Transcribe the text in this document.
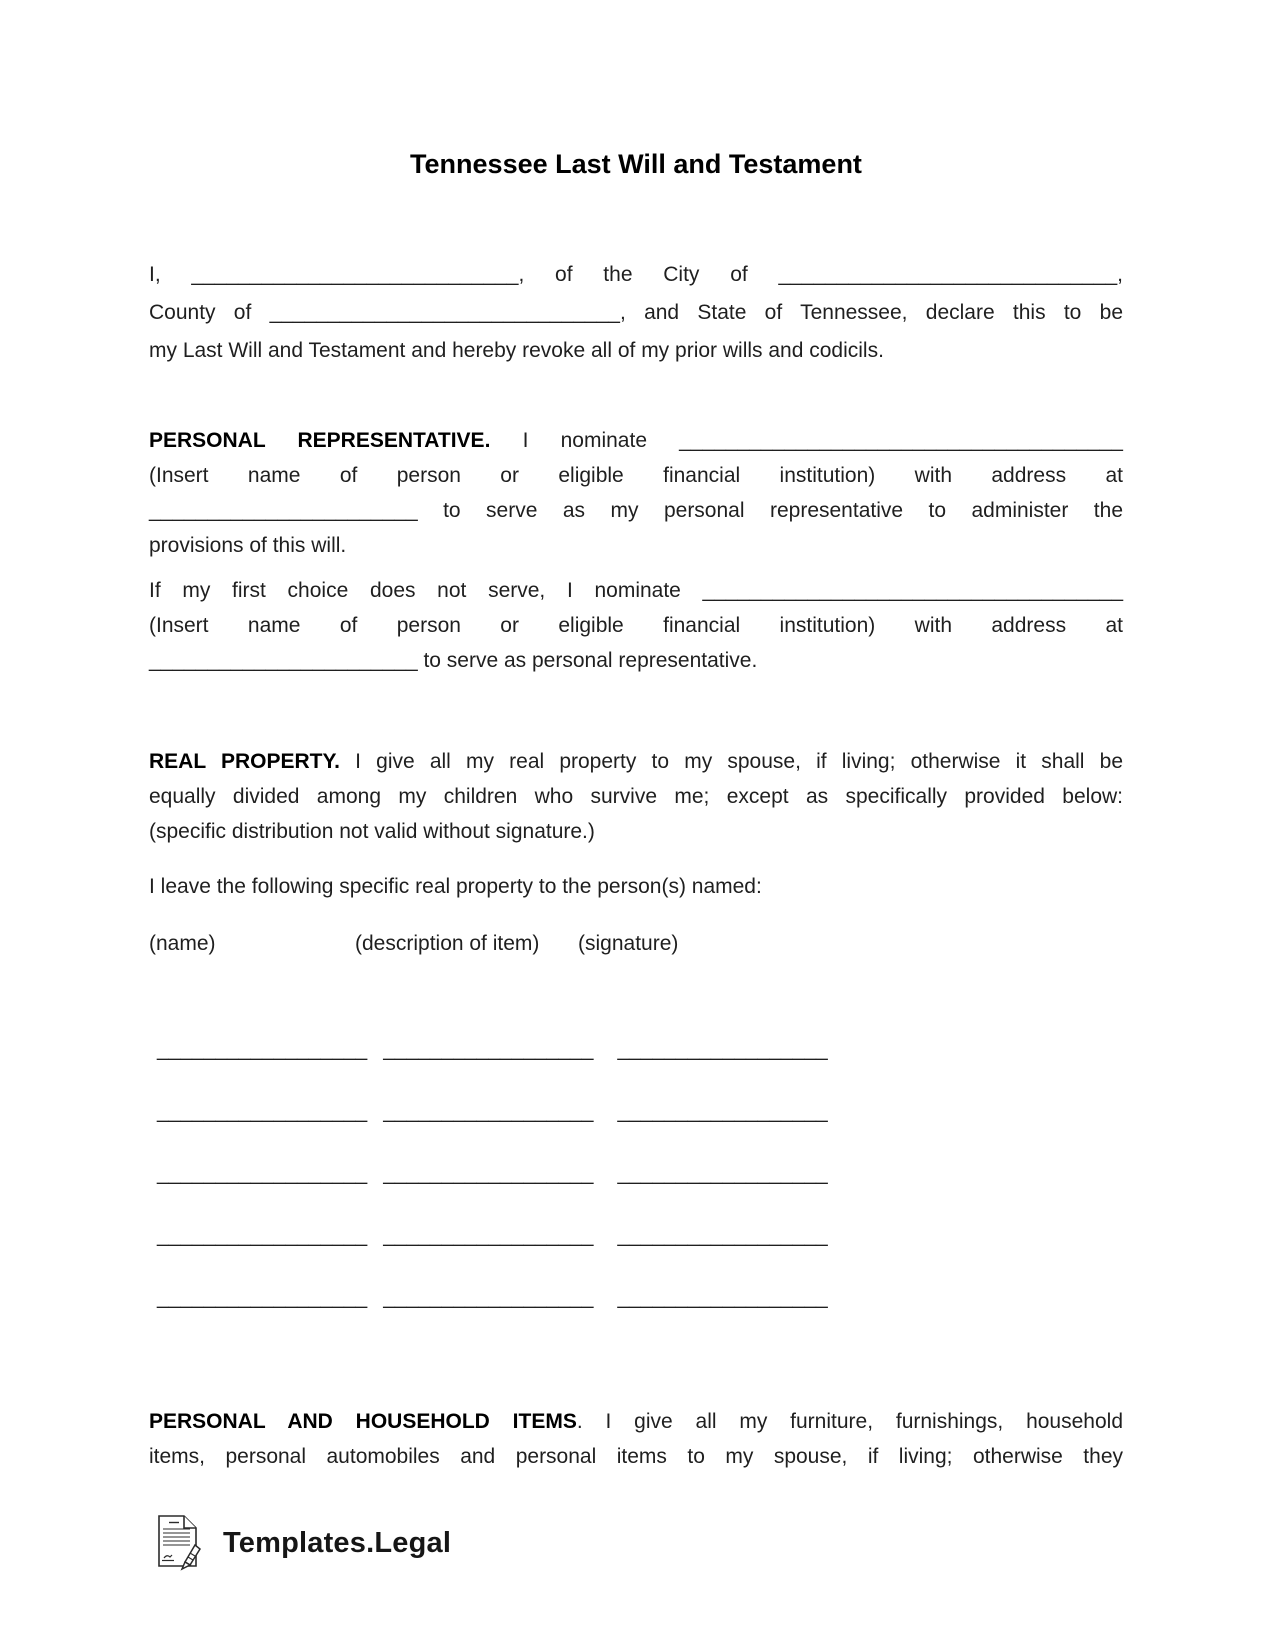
Tennessee Last Will and Testament
I, ____________________________, of the City of _____________________________,
County of ______________________________, and State of Tennessee, declare this to be
my Last Will and Testament and hereby revoke all of my prior wills and codicils.
PERSONAL REPRESENTATIVE. I nominate ______________________________________
(Insert name of person or eligible financial institution) with address at
_______________________ to serve as my personal representative to administer the
provisions of this will.
If my first choice does not serve, I nominate ____________________________________
(Insert name of person or eligible financial institution) with address at
_______________________ to serve as personal representative.
REAL PROPERTY. I give all my real property to my spouse, if living; otherwise it shall be
equally divided among my children who survive me; except as specifically provided below:
(specific distribution not valid without signature.)
I leave the following specific real property to the person(s) named:
(name)	(description of item)	(signature)
__________________ __________________ __________________
__________________ __________________ __________________
__________________ __________________ __________________
__________________ __________________ __________________
__________________ __________________ __________________
PERSONAL AND HOUSEHOLD ITEMS. I give all my furniture, furnishings, household
items, personal automobiles and personal items to my spouse, if living; otherwise they
Templates.Legal
